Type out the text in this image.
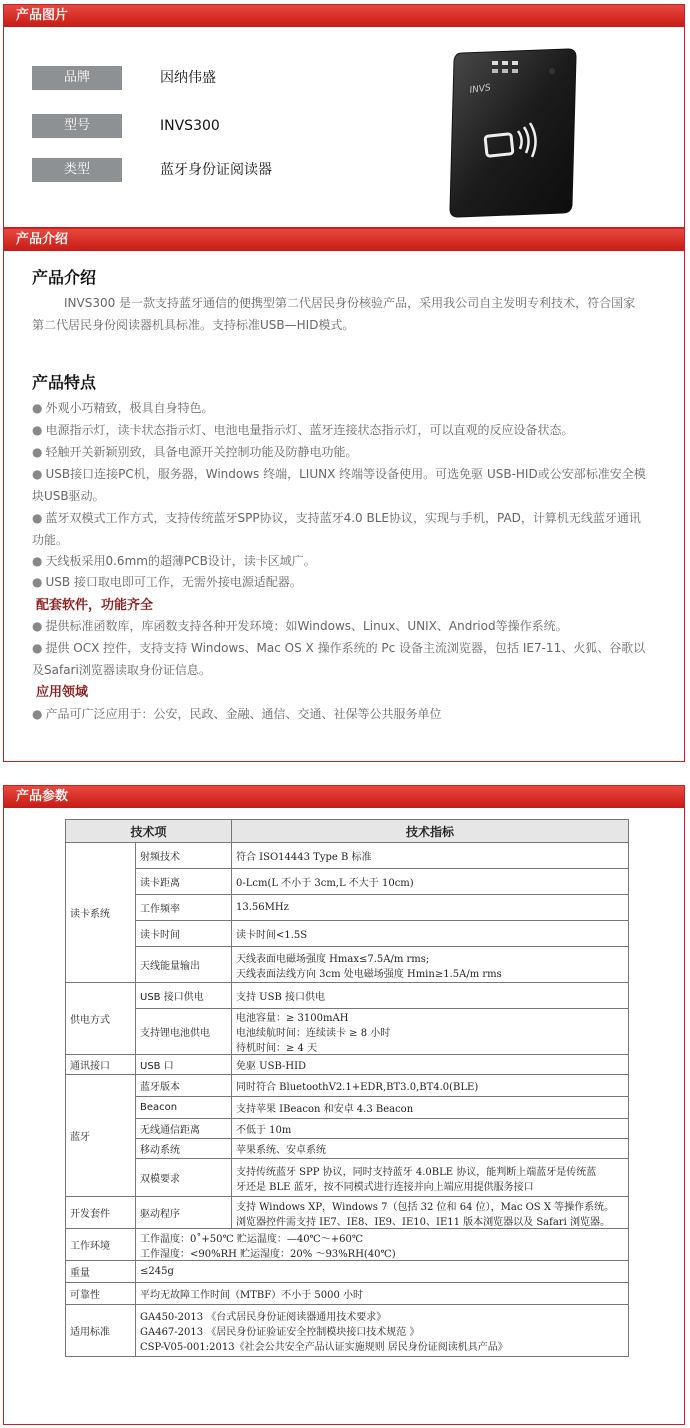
产品图片
品牌	因纳伟盛
型号	INVS300
类型	蓝牙身份证阅读器
INVS
产品介绍
产品介绍
INVS300 是一款支持蓝牙通信的便携型第二代居民身份核验产品，采用我公司自主发明专利技术，符合国家第二代居民身份阅读器机具标准。支持标准USB—HID模式。
产品特点
● 外观小巧精致，极具自身特色。
● 电源指示灯，读卡状态指示灯、电池电量指示灯、蓝牙连接状态指示灯，可以直观的反应设备状态。
● 轻触开关新颖别致，具备电源开关控制功能及防静电功能。
● USB接口连接PC机，服务器，Windows 终端，LIUNX 终端等设备使用。可选免驱 USB-HID或公安部标准安全模块USB驱动。
● 蓝牙双模式工作方式，支持传统蓝牙SPP协议，支持蓝牙4.0 BLE协议，实现与手机，PAD，计算机无线蓝牙通讯功能。
● 天线板采用0.6mm的超薄PCB设计，读卡区域广。
● USB 接口取电即可工作，无需外接电源适配器。
配套软件，功能齐全
● 提供标准函数库，库函数支持各种开发环境：如Windows、Linux、UNIX、Andriod等操作系统。
● 提供 OCX 控件，支持支持 Windows、Mac OS X 操作系统的 Pc 设备主流浏览器，包括 IE7-11、火狐、谷歌以及Safari浏览器读取身份证信息。
应用领域
● 产品可广泛应用于：公安，民政、金融、通信、交通、社保等公共服务单位
产品参数
技术项		技术指标
读卡系统	射频技术	符合 ISO14443 Type B 标准

	读卡距离	0-Lcm(L 不小于 3cm,L 不大于 10cm)

	工作频率	13.56MHz

	读卡时间	读卡时间<1.5S

	天线能量输出	天线表面电磁场强度 Hmax≤7.5A/m rms;
天线表面法线方向 3cm 处电磁场强度 Hmin≥1.5A/m rms

供电方式	USB 接口供电	支持 USB 接口供电

	支持锂电池供电	电池容量：≥ 3100mAH
电池续航时间：连续读卡 ≥ 8 小时
待机时间：≥ 4 天

通讯接口	USB 口	免驱 USB-HID

蓝牙	蓝牙版本	同时符合 BluetoothV2.1+EDR,BT3.0,BT4.0(BLE)

	Beacon	支持苹果 IBeacon 和安卓 4.3 Beacon

	无线通信距离	不低于 10m

	移动系统	苹果系统、安卓系统

	双模要求	支持传统蓝牙 SPP 协议，同时支持蓝牙 4.0BLE 协议，能判断上端蓝牙是传统蓝
牙还是 BLE 蓝牙，按不同模式进行连接并向上端应用提供服务接口

开发套件	驱动程序	支持 Windows XP，Windows 7（包括 32 位和 64 位），Mac OS X 等操作系统。
浏览器控件需支持 IE7、IE8、IE9、IE10、IE11 版本浏览器以及 Safari 浏览器。

工作环境	工作温度：0˚+50℃ 贮运温度：—40℃～+60℃
工作湿度：<90%RH 贮运湿度：20% ～93%RH(40℃)	

重量	≤245g	

可靠性	平均无故障工作时间（MTBF）不小于 5000 小时	

适用标准	GA450-2013 《台式居民身份证阅读器通用技术要求》
GA467-2013 《居民身份证验证安全控制模块接口技术规范 》
CSP-V05-001:2013《社会公共安全产品认证实施规则 居民身份证阅读机具产品》	
